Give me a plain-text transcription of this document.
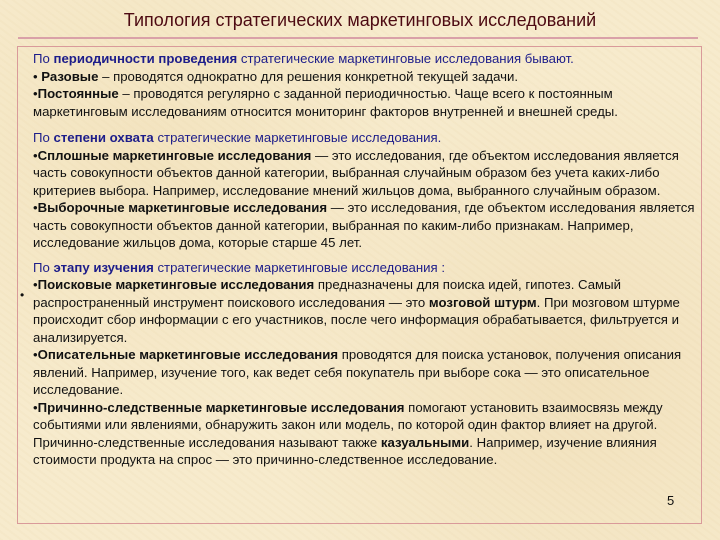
Типология стратегических маркетинговых исследований
•

По периодичности проведения стратегические маркетинговые исследования бывают.

• Разовые – проводятся однократно для решения конкретной текущей задачи.

•Постоянные – проводятся регулярно с заданной периодичностью. Чаще всего к постоянным маркетинговым исследованиям относится мониторинг факторов внутренней и внешней среды.

По степени охвата стратегические маркетинговые исследования.

•Сплошные маркетинговые исследования — это исследования, где объектом исследования является часть совокупности объектов данной категории, выбранная случайным образом без учета каких-либо критериев выбора. Например, исследование мнений жильцов дома, выбранного случайным образом.

•Выборочные маркетинговые исследования — это исследования, где объектом исследования является часть совокупности объектов данной категории, выбранная по каким-либо признакам. Например, исследование жильцов дома, которые старше 45 лет.

По этапу изучения стратегические маркетинговые исследования :

•Поисковые маркетинговые исследования предназначены для поиска идей, гипотез. Самый распространенный инструмент поискового исследования — это мозговой штурм. При мозговом штурме происходит сбор информации с его участников, после чего информация обрабатывается, фильтруется и анализируется.

•Описательные маркетинговые исследования проводятся для поиска установок, получения описания явлений. Например, изучение того, как ведет себя покупатель при выборе сока — это описательное исследование.

•Причинно-следственные маркетинговые исследования помогают установить взаимосвязь между событиями или явлениями, обнаружить закон или модель, по которой один фактор влияет на другой. Причинно-следственные исследования называют также казуальными. Например, изучение влияния стоимости продукта на спрос — это причинно-следственное исследование.

5
